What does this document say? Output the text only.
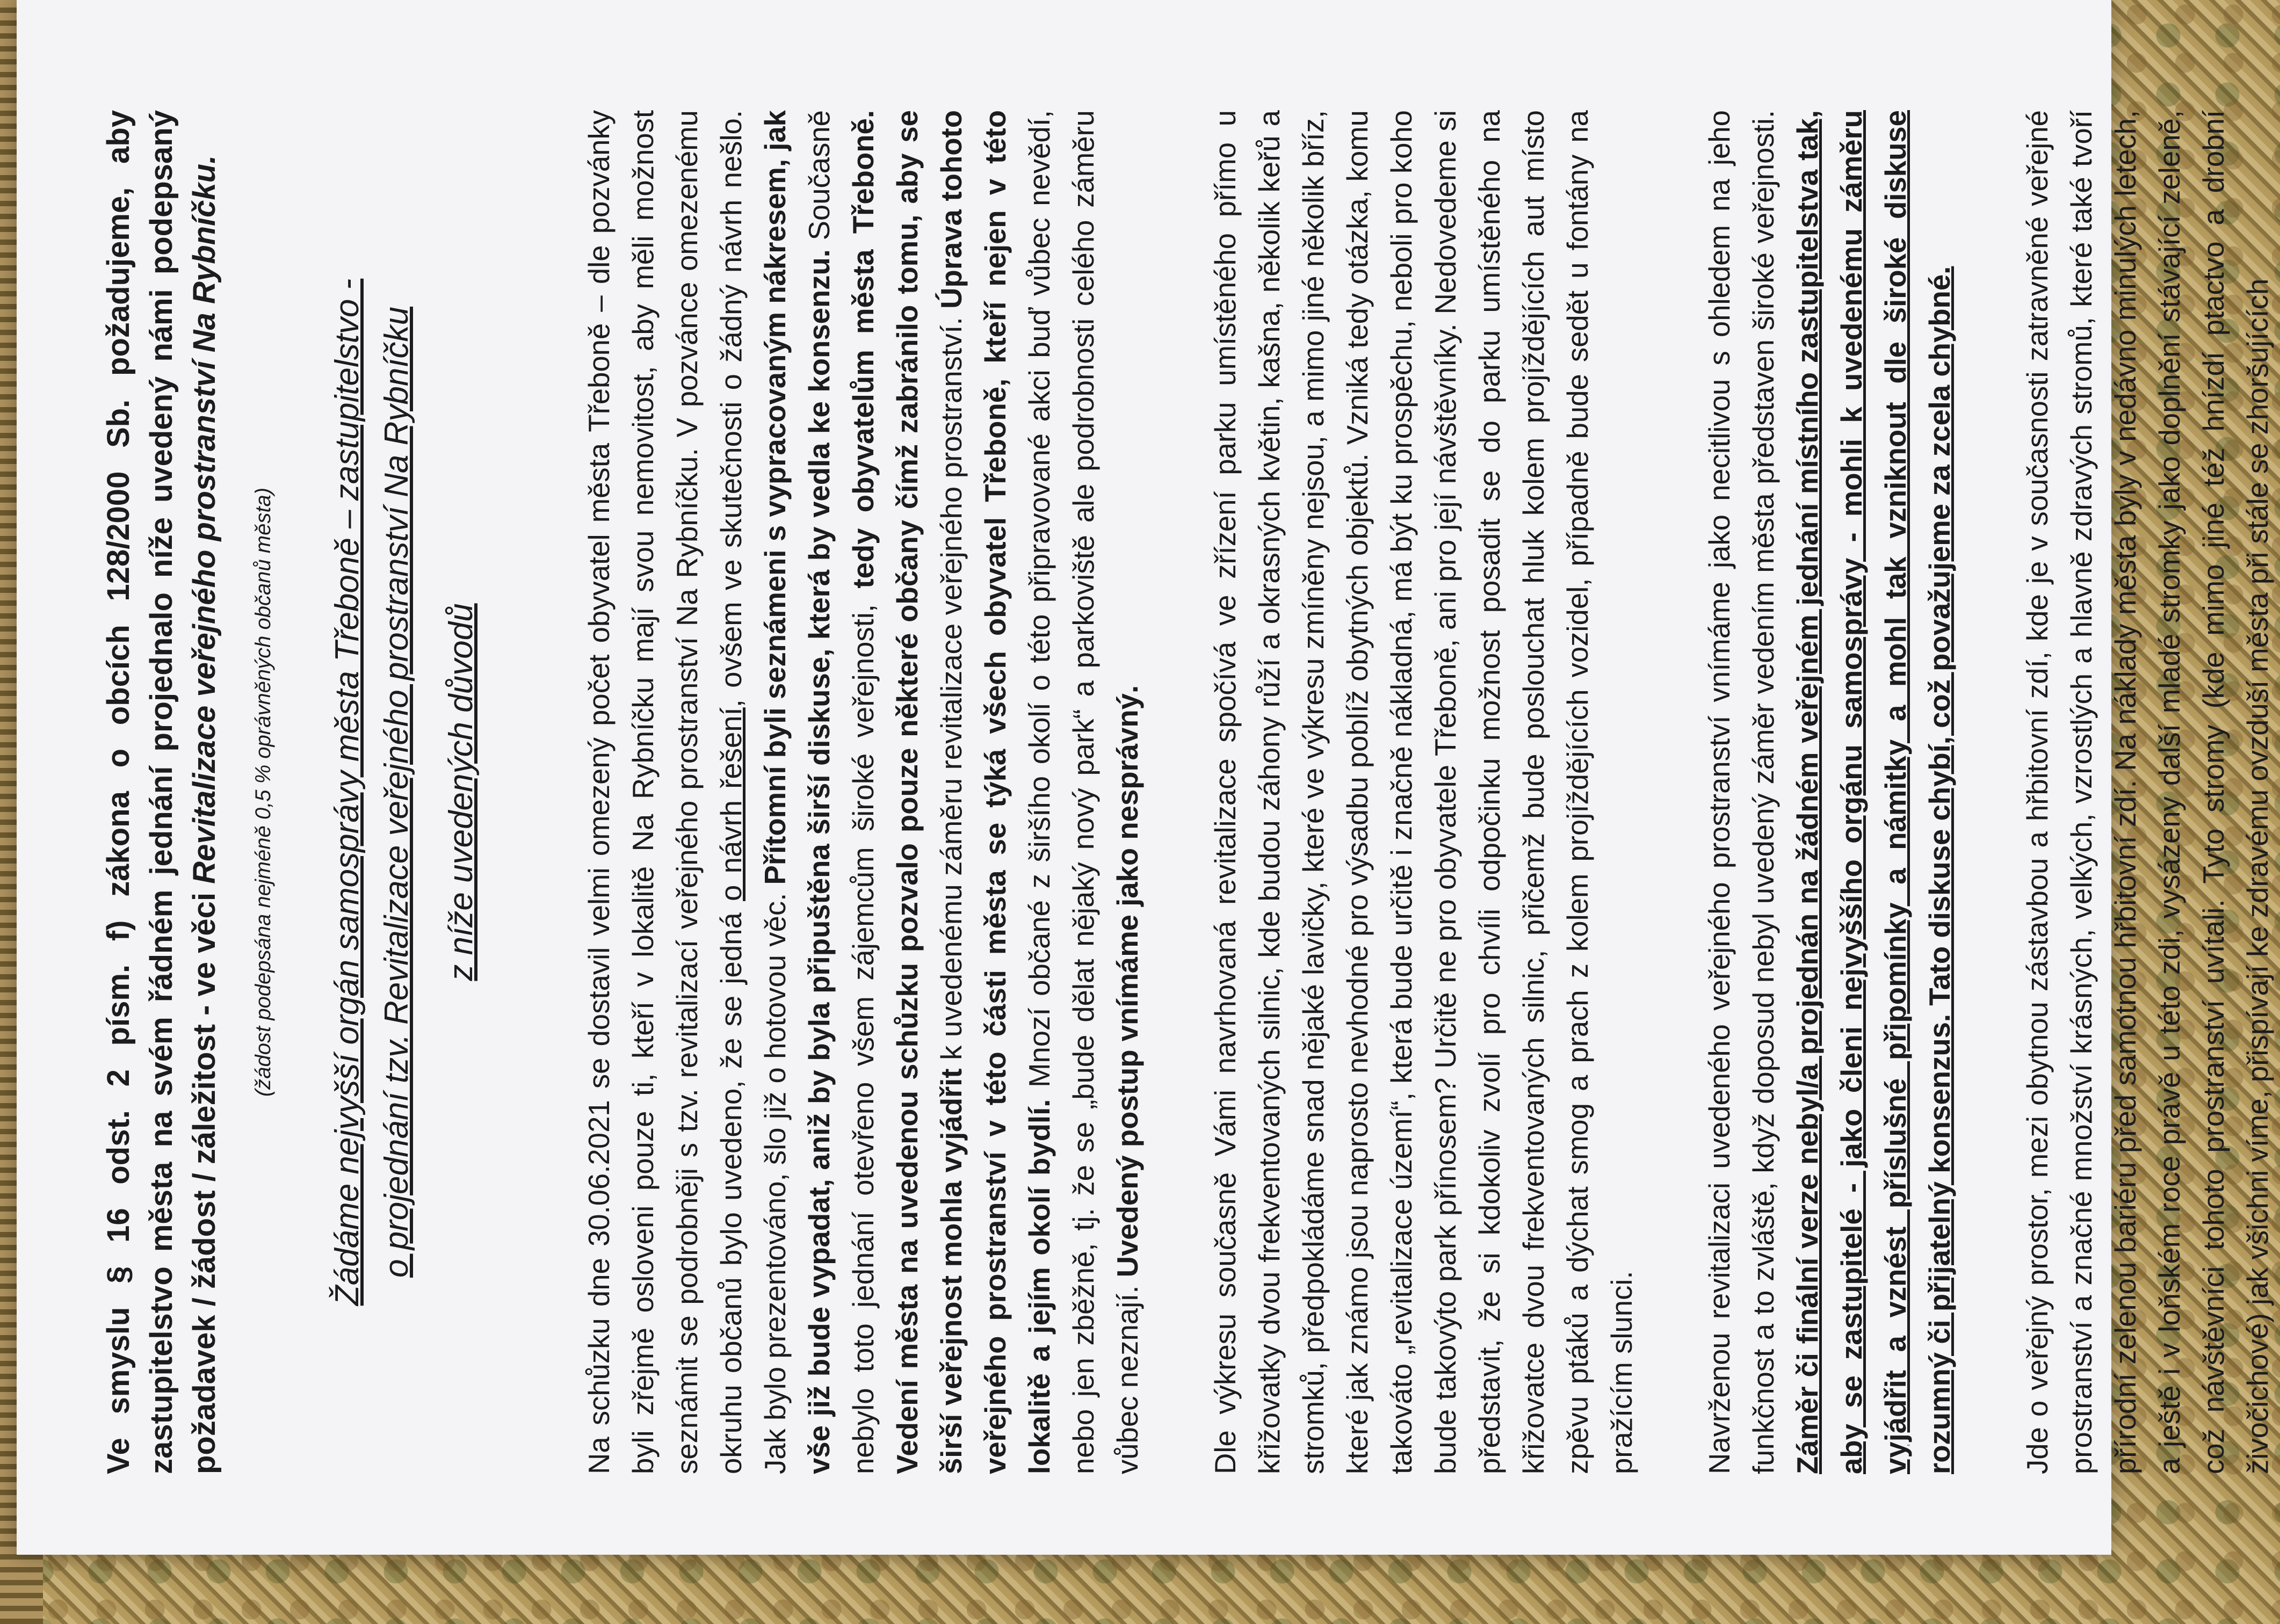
Ve smyslu § 16 odst. 2 písm. f) zákona o obcích 128/2000 Sb. požadujeme, aby zastupitelstvo města na svém řádném jednání projednalo níže uvedený námi podepsaný požadavek / žádost / záležitost - ve věci Revitalizace veřejného prostranství Na Rybníčku.	(žádost podepsána nejméně 0,5 % oprávněných občanů města)	Žádáme nejvyšší orgán samosprávy města Třeboně – zastupitelstvo - o projednání tzv. Revitalizace veřejného prostranství Na Rybníčku z níže uvedených důvodů	Na schůzku dne 30.06.2021 se dostavil velmi omezený počet obyvatel města Třeboně – dle pozvánky byli zřejmě osloveni pouze ti, kteří v lokalitě Na Rybníčku mají svou nemovitost, aby měli možnost seznámit se podrobněji s tzv. revitalizací veřejného prostranství Na Rybníčku. V pozvánce omezenému okruhu občanů bylo uvedeno, že se jedná o návrh řešení, ovšem ve skutečnosti o žádný návrh nešlo. Jak bylo prezentováno, šlo již o hotovou věc. Přítomní byli seznámeni s vypracovaným nákresem, jak vše již bude vypadat, aniž by byla připuštěna širší diskuse, která by vedla ke konsenzu. Současně nebylo toto jednání otevřeno všem zájemcům široké veřejnosti, tedy obyvatelům města Třeboně. Vedení města na uvedenou schůzku pozvalo pouze některé občany čímž zabránilo tomu, aby se širší veřejnost mohla vyjádřit k uvedenému záměru revitalizace veřejného prostranství. Úprava tohoto veřejného prostranství v této části města se týká všech obyvatel Třeboně, kteří nejen v této lokalitě a jejím okolí bydlí. Mnozí občané z širšího okolí o této připravované akci buď vůbec nevědí, nebo jen zběžně, tj. že se „bude dělat nějaký nový park“ a parkoviště ale podrobnosti celého záměru vůbec neznají. Uvedený postup vnímáme jako nesprávný. Dle výkresu současně Vámi navrhovaná revitalizace spočívá ve zřízení parku umístěného přímo u křižovatky dvou frekventovaných silnic, kde budou záhony růží a okrasných květin, kašna, několik keřů a stromků, předpokládáme snad nějaké lavičky, které ve výkresu zmíněny nejsou, a mimo jiné několik bříz, které jak známo jsou naprosto nevhodné pro výsadbu poblíž obytných objektů. Vzniká tedy otázka, komu takováto „revitalizace území“, která bude určitě i značně nákladná, má být ku prospěchu, neboli pro koho bude takovýto park přínosem? Určitě ne pro obyvatele Třeboně, ani pro její návštěvníky. Nedovedeme si představit, že si kdokoliv zvolí pro chvíli odpočinku možnost posadit se do parku umístěného na křižovatce dvou frekventovaných silnic, přičemž bude poslouchat hluk kolem projíždějících aut místo zpěvu ptáků a dýchat smog a prach z kolem projíždějících vozidel, případně bude sedět u fontány na pražícím slunci. Navrženou revitalizaci uvedeného veřejného prostranství vnímáme jako necitlivou s ohledem na jeho funkčnost a to zvláště, když doposud nebyl uvedený záměr vedením města představen široké veřejnosti. Záměr či finální verze nebyl/a projednán na žádném veřejném jednání místního zastupitelstva tak, aby se zastupitelé - jako členi nejvyššího orgánu samosprávy - mohli k uvedenému záměru vyjádřit a vznést příslušné připomínky a námitky a mohl tak vzniknout dle široké diskuse rozumný či přijatelný konsenzus. Tato diskuse chybí, což považujeme za zcela chybné. Jde o veřejný prostor, mezi obytnou zástavbou a hřbitovní zdí, kde je v současnosti zatravněné veřejné prostranství a značné množství krásných, velkých, vzrostlých a hlavně zdravých stromů, které také tvoří přírodní zelenou bariéru před samotnou hřbitovní zdí. Na náklady města byly v nedávno minulých letech, a ještě i v loňském roce právě u této zdi, vysázeny další mladé stromky jako doplnění stávající zeleně, což návštěvníci tohoto prostranství uvítali. Tyto stromy (kde mimo jiné též hnízdí ptactvo a drobní živočichové) jak všichni víme, přispívají ke zdravému ovzduší města při stále se zhoršujících
